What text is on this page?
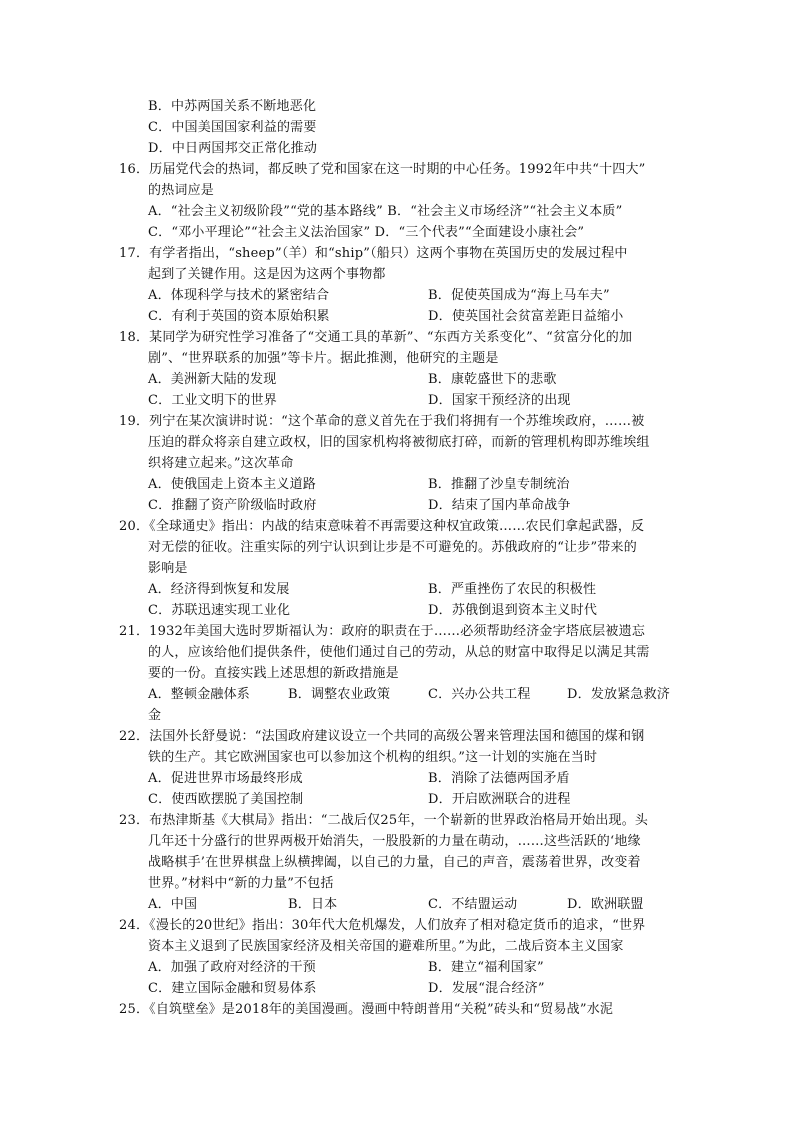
B．中苏两国关系不断地恶化
C．中国美国国家利益的需要
D．中日两国邦交正常化推动
16．历届党代会的热词，都反映了党和国家在这一时期的中心任务。1992年中共“十四大”
的热词应是
A．“社会主义初级阶段”“党的基本路线” B．“社会主义市场经济”“社会主义本质”
C．“邓小平理论”“社会主义法治国家” D．“三个代表”“全面建设小康社会”
17．有学者指出，“sheep”（羊）和“ship”（船只）这两个事物在英国历史的发展过程中
起到了关键作用。这是因为这两个事物都
A．体现科学与技术的紧密结合	B．促使英国成为“海上马车夫”
C．有利于英国的资本原始积累	D．使英国社会贫富差距日益缩小
18．某同学为研究性学习准备了“交通工具的革新”、“东西方关系变化”、“贫富分化的加
剧”、“世界联系的加强”等卡片。据此推测，他研究的主题是
A．美洲新大陆的发现	B．康乾盛世下的悲歌
C．工业文明下的世界	D．国家干预经济的出现
19．列宁在某次演讲时说：“这个革命的意义首先在于我们将拥有一个苏维埃政府，……被
压迫的群众将亲自建立政权，旧的国家机构将被彻底打碎，而新的管理机构即苏维埃组
织将建立起来。”这次革命
A．使俄国走上资本主义道路	B．推翻了沙皇专制统治
C．推翻了资产阶级临时政府	D．结束了国内革命战争
20．《全球通史》指出：内战的结束意味着不再需要这种权宜政策……农民们拿起武器，反
对无偿的征收。注重实际的列宁认识到让步是不可避免的。苏俄政府的“让步”带来的
影响是
A．经济得到恢复和发展	B．严重挫伤了农民的积极性
C．苏联迅速实现工业化	D．苏俄倒退到资本主义时代
21．1932年美国大选时罗斯福认为：政府的职责在于……必须帮助经济金字塔底层被遗忘
的人，应该给他们提供条件，使他们通过自己的劳动，从总的财富中取得足以满足其需
要的一份。直接实践上述思想的新政措施是
A．整顿金融体系	B．调整农业政策	C．兴办公共工程	D．发放紧急救济
金
22．法国外长舒曼说：“法国政府建议设立一个共同的高级公署来管理法国和德国的煤和钢
铁的生产。其它欧洲国家也可以参加这个机构的组织。”这一计划的实施在当时
A．促进世界市场最终形成	B．消除了法德两国矛盾
C．使西欧摆脱了美国控制	D．开启欧洲联合的进程
23．布热津斯基《大棋局》指出：“二战后仅25年，一个崭新的世界政治格局开始出现。头
几年还十分盛行的世界两极开始消失，一股股新的力量在萌动，……这些活跃的‘地缘
战略棋手’在世界棋盘上纵横捭阖，以自己的力量，自己的声音，震荡着世界，改变着
世界。”材料中“新的力量”不包括
A．中国	B．日本	C．不结盟运动	D．欧洲联盟
24．《漫长的20世纪》指出：30年代大危机爆发，人们放弃了相对稳定货币的追求，“世界
资本主义退到了民族国家经济及相关帝国的避难所里。”为此，二战后资本主义国家
A．加强了政府对经济的干预	B．建立“福利国家”
C．建立国际金融和贸易体系	D．发展“混合经济”
25．《自筑壁垒》是2018年的美国漫画。漫画中特朗普用“关税”砖头和“贸易战”水泥
